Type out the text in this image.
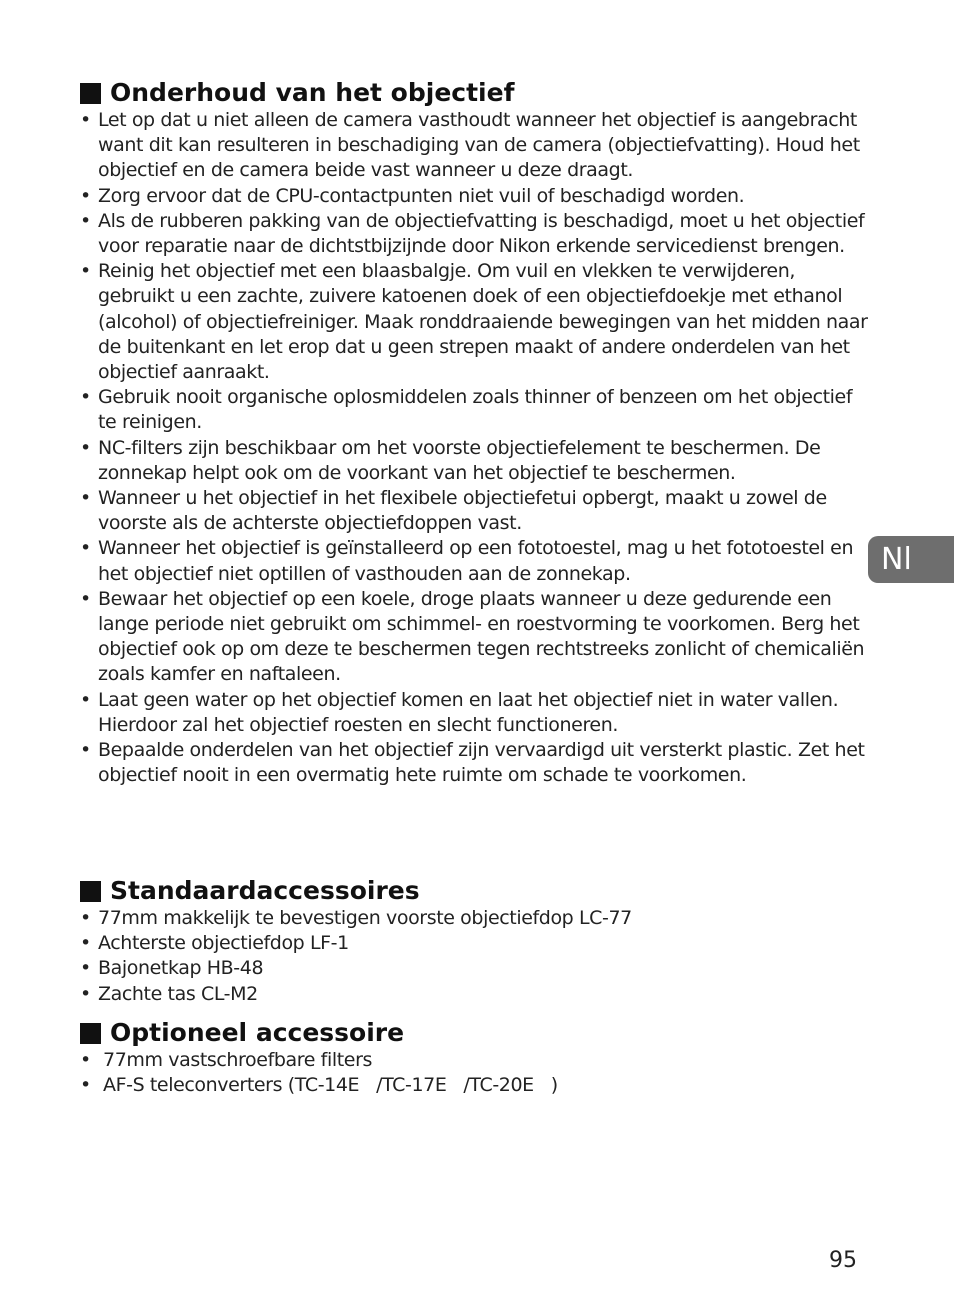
Onderhoud van het objectief
• Let op dat u niet alleen de camera vasthoudt wanneer het objectief is aangebracht want dit kan resulteren in beschadiging van de camera (objectiefvatting). Houd het objectief en de camera beide vast wanneer u deze draagt.
• Zorg ervoor dat de CPU-contactpunten niet vuil of beschadigd worden.
• Als de rubberen pakking van de objectiefvatting is beschadigd, moet u het objectief voor reparatie naar de dichtstbijzijnde door Nikon erkende servicedienst brengen.
• Reinig het objectief met een blaasbalgje. Om vuil en vlekken te verwijderen, gebruikt u een zachte, zuivere katoenen doek of een objectiefdoekje met ethanol (alcohol) of objectiefreiniger. Maak ronddraaiende bewegingen van het midden naar de buitenkant en let erop dat u geen strepen maakt of andere onderdelen van het objectief aanraakt.
• Gebruik nooit organische oplosmiddelen zoals thinner of benzeen om het objectief te reinigen.
• NC-filters zijn beschikbaar om het voorste objectiefelement te beschermen. De zonnekap helpt ook om de voorkant van het objectief te beschermen.
• Wanneer u het objectief in het flexibele objectiefetui opbergt, maakt u zowel de voorste als de achterste objectiefdoppen vast.
• Wanneer het objectief is geïnstalleerd op een fototoestel, mag u het fototoestel en het objectief niet optillen of vasthouden aan de zonnekap.
• Bewaar het objectief op een koele, droge plaats wanneer u deze gedurende een lange periode niet gebruikt om schimmel- en roestvorming te voorkomen. Berg het objectief ook op om deze te beschermen tegen rechtstreeks zonlicht of chemicaliën zoals kamfer en naftaleen.
• Laat geen water op het objectief komen en laat het objectief niet in water vallen. Hierdoor zal het objectief roesten en slecht functioneren.
• Bepaalde onderdelen van het objectief zijn vervaardigd uit versterkt plastic. Zet het objectief nooit in een overmatig hete ruimte om schade te voorkomen.
Standaardaccessoires
• 77mm makkelijk te bevestigen voorste objectiefdop LC-77
• Achterste objectiefdop LF-1
• Bajonetkap HB-48
• Zachte tas CL-M2
Optioneel accessoire
• 77mm vastschroefbare filters
• AF-S teleconverters (TC-14E   /TC-17E   /TC-20E   )
Nl
95
